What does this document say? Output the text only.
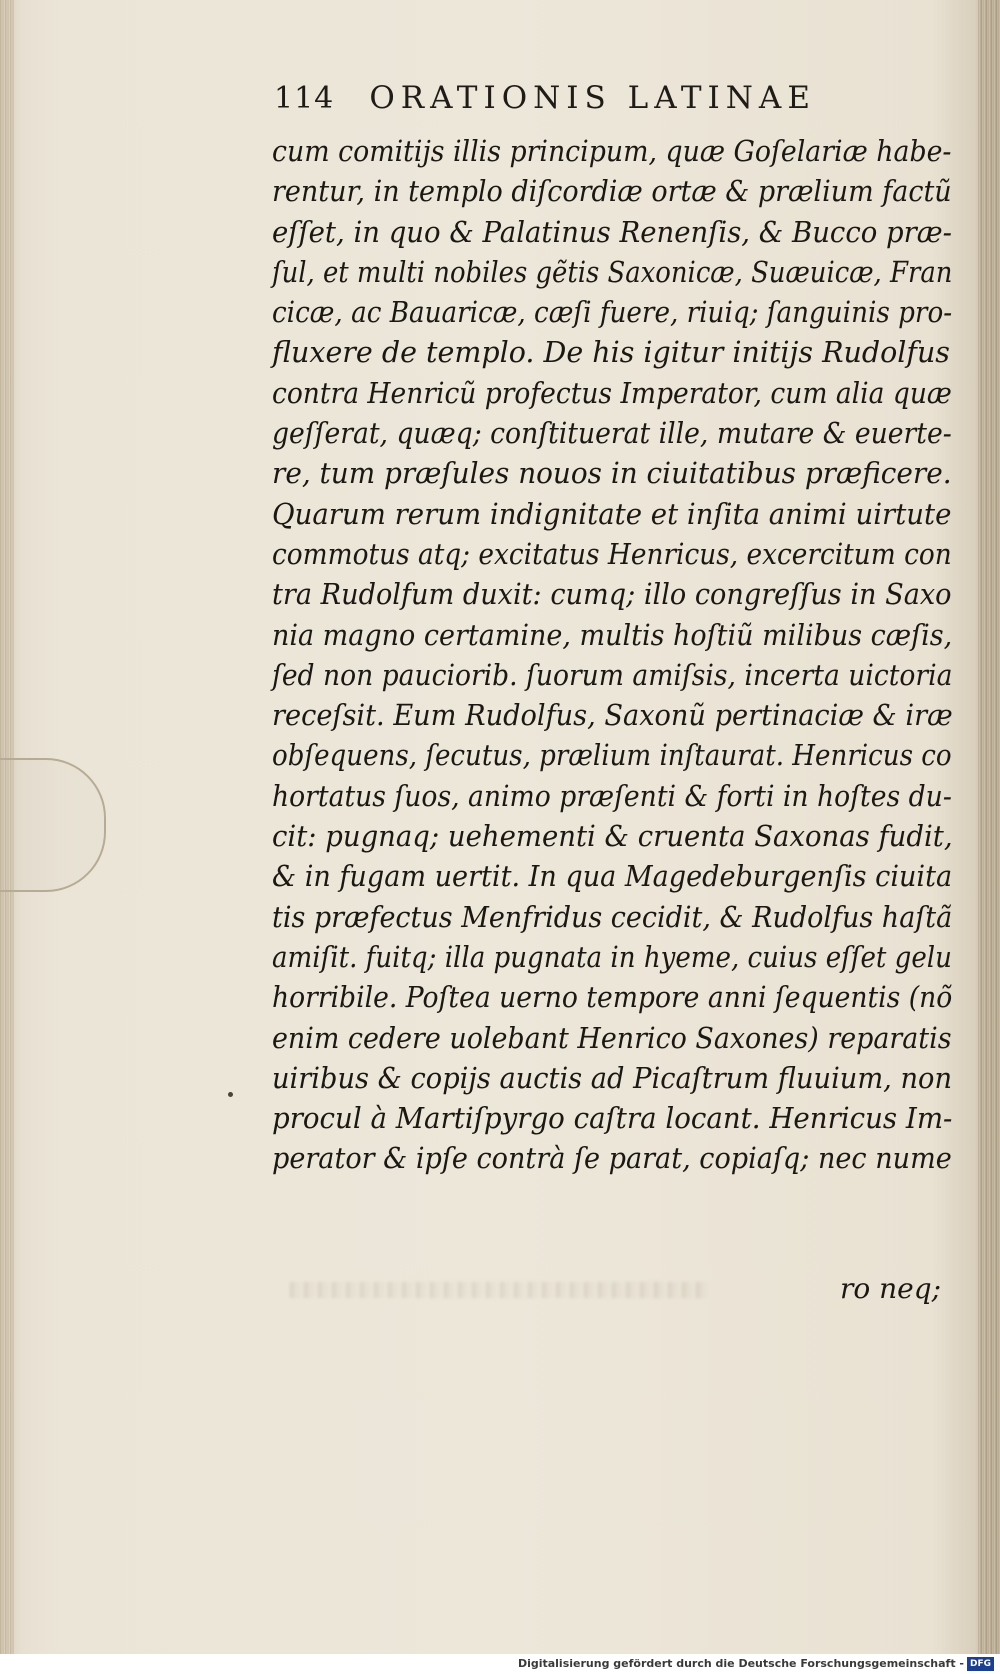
114 ORATIONIS LATINAE
cum comitijs illis principum, quæ Goſelariæ habe-
rentur, in templo diſcordiæ ortæ & prælium factũ
eſſet, in quo & Palatinus Renenſis, & Bucco præ-
ſul, et multi nobiles gẽtis Saxonicæ, Suæuicæ, Fran
cicæ, ac Bauaricæ, cæſi fuere, riuiq; ſanguinis pro-
fluxere de templo. De his igitur initijs Rudolfus
contra Henricũ profectus Imperator, cum alia quæ
geſſerat, quæq; conſtituerat ille, mutare & euerte-
re, tum præſules nouos in ciuitatibus præficere.
Quarum rerum indignitate et inſita animi uirtute
commotus atq; excitatus Henricus, excercitum con
tra Rudolfum duxit: cumq; illo congreſſus in Saxo
nia magno certamine, multis hoſtiũ milibus cæſis,
ſed non pauciorib. ſuorum amiſsis, incerta uictoria
receſsit. Eum Rudolfus, Saxonũ pertinaciæ & iræ
obſequens, ſecutus, prælium inſtaurat. Henricus co
hortatus ſuos, animo præſenti & forti in hoſtes du-
cit: pugnaq; uehementi & cruenta Saxonas fudit,
& in fugam uertit. In qua Magedeburgenſis ciuita
tis præfectus Menfridus cecidit, & Rudolfus haſtã
amiſit. fuitq; illa pugnata in hyeme, cuius eſſet gelu
horribile. Poſtea uerno tempore anni ſequentis (nõ
enim cedere uolebant Henrico Saxones) reparatis
uiribus & copijs auctis ad Picaſtrum fluuium, non
procul à Martiſpyrgo caſtra locant. Henricus Im-
perator & ipſe contrà ſe parat, copiaſq; nec nume
ro neq;
Digitalisierung gefördert durch die Deutsche Forschungsgemeinschaft - DFG
